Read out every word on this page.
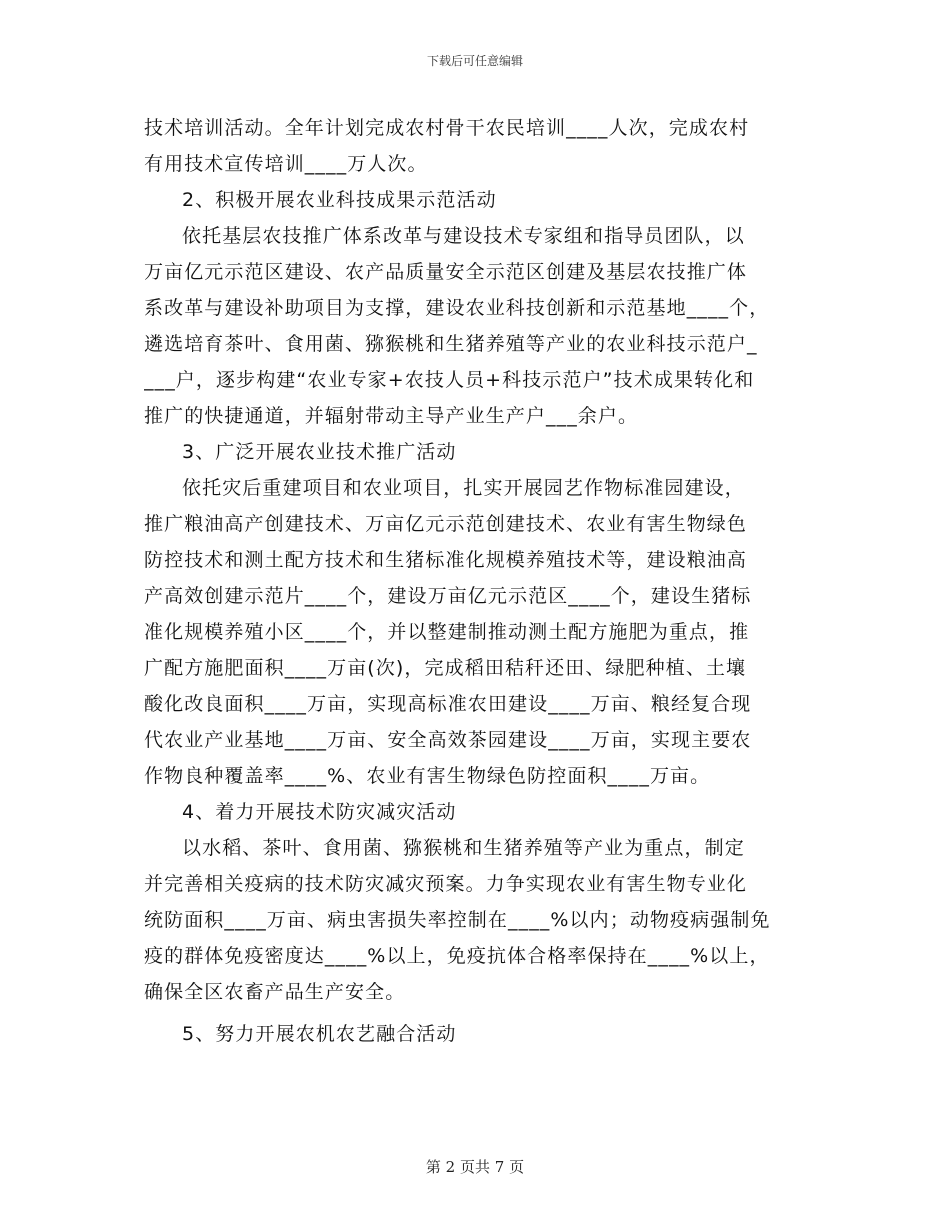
下载后可任意编辑
技术培训活动。全年计划完成农村骨干农民培训____人次，完成农村
有用技术宣传培训____万人次。
2、积极开展农业科技成果示范活动
依托基层农技推广体系改革与建设技术专家组和指导员团队，以
万亩亿元示范区建设、农产品质量安全示范区创建及基层农技推广体
系改革与建设补助项目为支撑，建设农业科技创新和示范基地____个，
遴选培育茶叶、食用菌、猕猴桃和生猪养殖等产业的农业科技示范户_
___户，逐步构建“农业专家+农技人员+科技示范户”技术成果转化和
推广的快捷通道，并辐射带动主导产业生产户___余户。
3、广泛开展农业技术推广活动
依托灾后重建项目和农业项目，扎实开展园艺作物标准园建设，
推广粮油高产创建技术、万亩亿元示范创建技术、农业有害生物绿色
防控技术和测土配方技术和生猪标准化规模养殖技术等，建设粮油高
产高效创建示范片____个，建设万亩亿元示范区____个，建设生猪标
准化规模养殖小区____个，并以整建制推动测土配方施肥为重点，推
广配方施肥面积____万亩(次)，完成稻田秸秆还田、绿肥种植、土壤
酸化改良面积____万亩，实现高标准农田建设____万亩、粮经复合现
代农业产业基地____万亩、安全高效茶园建设____万亩，实现主要农
作物良种覆盖率____%、农业有害生物绿色防控面积____万亩。
4、着力开展技术防灾减灾活动
以水稻、茶叶、食用菌、猕猴桃和生猪养殖等产业为重点，制定
并完善相关疫病的技术防灾减灾预案。力争实现农业有害生物专业化
统防面积____万亩、病虫害损失率控制在____%以内；动物疫病强制免
疫的群体免疫密度达____%以上，免疫抗体合格率保持在____%以上，
确保全区农畜产品生产安全。
5、努力开展农机农艺融合活动
第 2 页共 7 页
